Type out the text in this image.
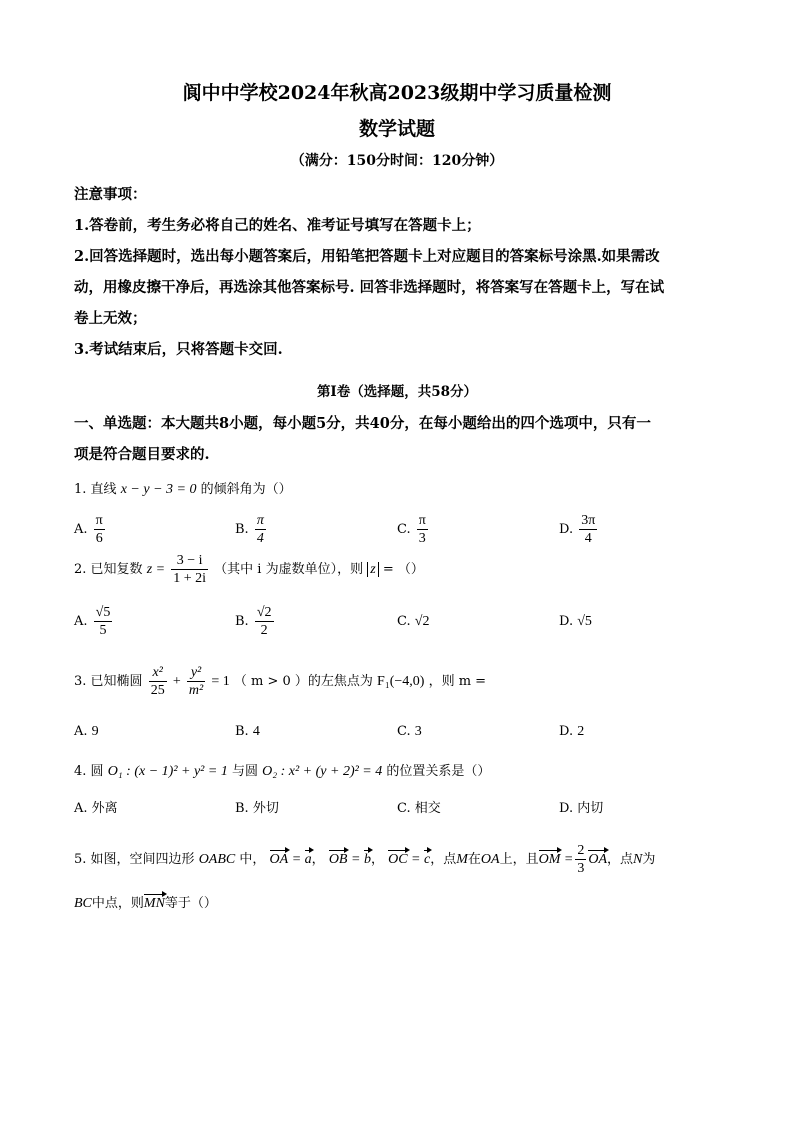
阆中中学校2024年秋高2023级期中学习质量检测
数学试题
（满分：150分时间：120分钟）
注意事项：
1.答卷前，考生务必将自己的姓名、准考证号填写在答题卡上；
2.回答选择题时，选出每小题答案后，用铅笔把答题卡上对应题目的答案标号涂黑.如果需改
动，用橡皮擦干净后，再选涂其他答案标号. 回答非选择题时，将答案写在答题卡上，写在试
卷上无效；
3.考试结束后，只将答题卡交回.
第I卷（选择题，共58分）
一、单选题：本大题共8小题，每小题5分，共40分，在每小题给出的四个选项中，只有一
项是符合题目要求的.
1. 直线 x − y − 3 = 0 的倾斜角为（）
A. $\frac{\pi}{6}$	B. $\frac{\pi}{4}$	C. $\frac{\pi}{3}$	D. $\frac{3\pi}{4}$
2. 已知复数 $z = \frac{3 - i}{1 + 2i}$ （其中 i 为虚数单位），则 z = （）
A. $\frac{√5}{5}$	B. $\frac{√2}{2}$	C. √2	D. √5
3. 已知椭圆 $\frac{\text{x²}}{25} + \frac{\text{y²}}{\text{m²}} = 1$ （ m > 0 ）的左焦点为 F₁(−4,0) ，则 m =
A. 9	B. 4	C. 3	D. 2
4. 圆 O₁ : (x − 1)² + y² = 1 与圆 O₂ : x² + (y + 2)² = 4 的位置关系是（）
A. 外离	B. 外切	C. 相交	D. 内切
5. 如图，空间四边形 OABC 中， OA = a， OB = b， OC = c，点M在OA上，且OM = $\frac{2}{3}$ OA，点N为
BC中点，则MN等于（）
